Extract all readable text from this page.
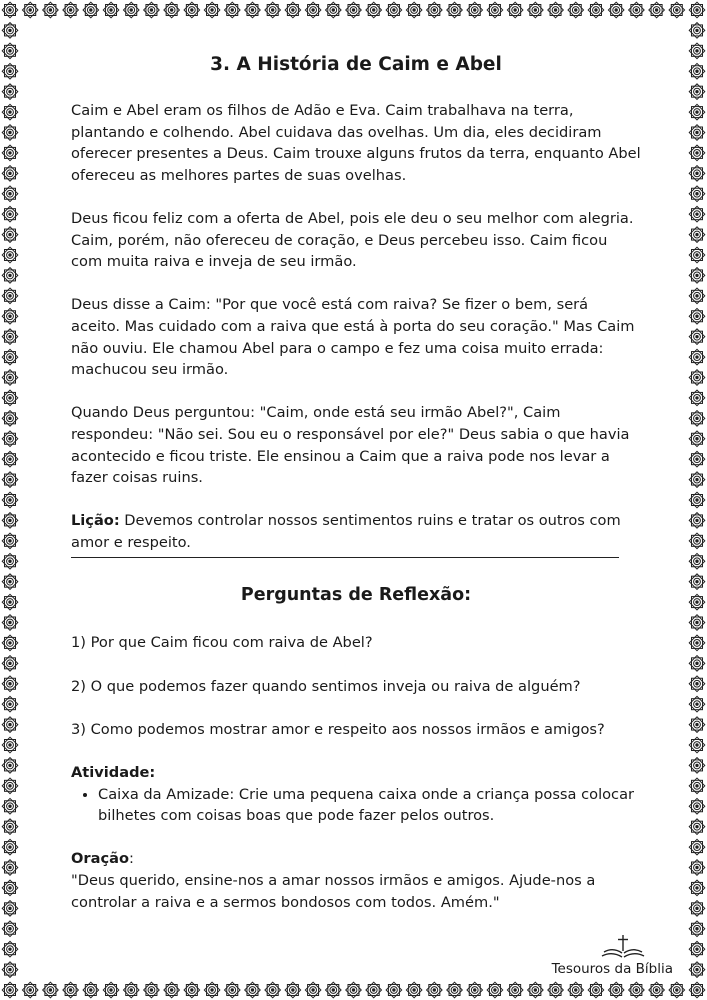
3. A História de Caim e Abel

Caim e Abel eram os filhos de Adão e Eva. Caim trabalhava na terra, plantando e colhendo. Abel cuidava das ovelhas. Um dia, eles decidiram oferecer presentes a Deus. Caim trouxe alguns frutos da terra, enquanto Abel ofereceu as melhores partes de suas ovelhas.

Deus ficou feliz com a oferta de Abel, pois ele deu o seu melhor com alegria. Caim, porém, não ofereceu de coração, e Deus percebeu isso. Caim ficou com muita raiva e inveja de seu irmão.

Deus disse a Caim: "Por que você está com raiva? Se fizer o bem, será aceito. Mas cuidado com a raiva que está à porta do seu coração." Mas Caim não ouviu. Ele chamou Abel para o campo e fez uma coisa muito errada: machucou seu irmão.

Quando Deus perguntou: "Caim, onde está seu irmão Abel?", Caim respondeu: "Não sei. Sou eu o responsável por ele?" Deus sabia o que havia acontecido e ficou triste. Ele ensinou a Caim que a raiva pode nos levar a fazer coisas ruins.

Lição: Devemos controlar nossos sentimentos ruins e tratar os outros com amor e respeito.

Perguntas de Reflexão:

1) Por que Caim ficou com raiva de Abel?

2) O que podemos fazer quando sentimos inveja ou raiva de alguém?

3) Como podemos mostrar amor e respeito aos nossos irmãos e amigos?

Atividade:
• Caixa da Amizade: Crie uma pequena caixa onde a criança possa colocar bilhetes com coisas boas que pode fazer pelos outros.
Oração:

"Deus querido, ensine-nos a amar nossos irmãos e amigos. Ajude-nos a controlar a raiva e a sermos bondosos com todos. Amém."

Tesouros da Bíblia
